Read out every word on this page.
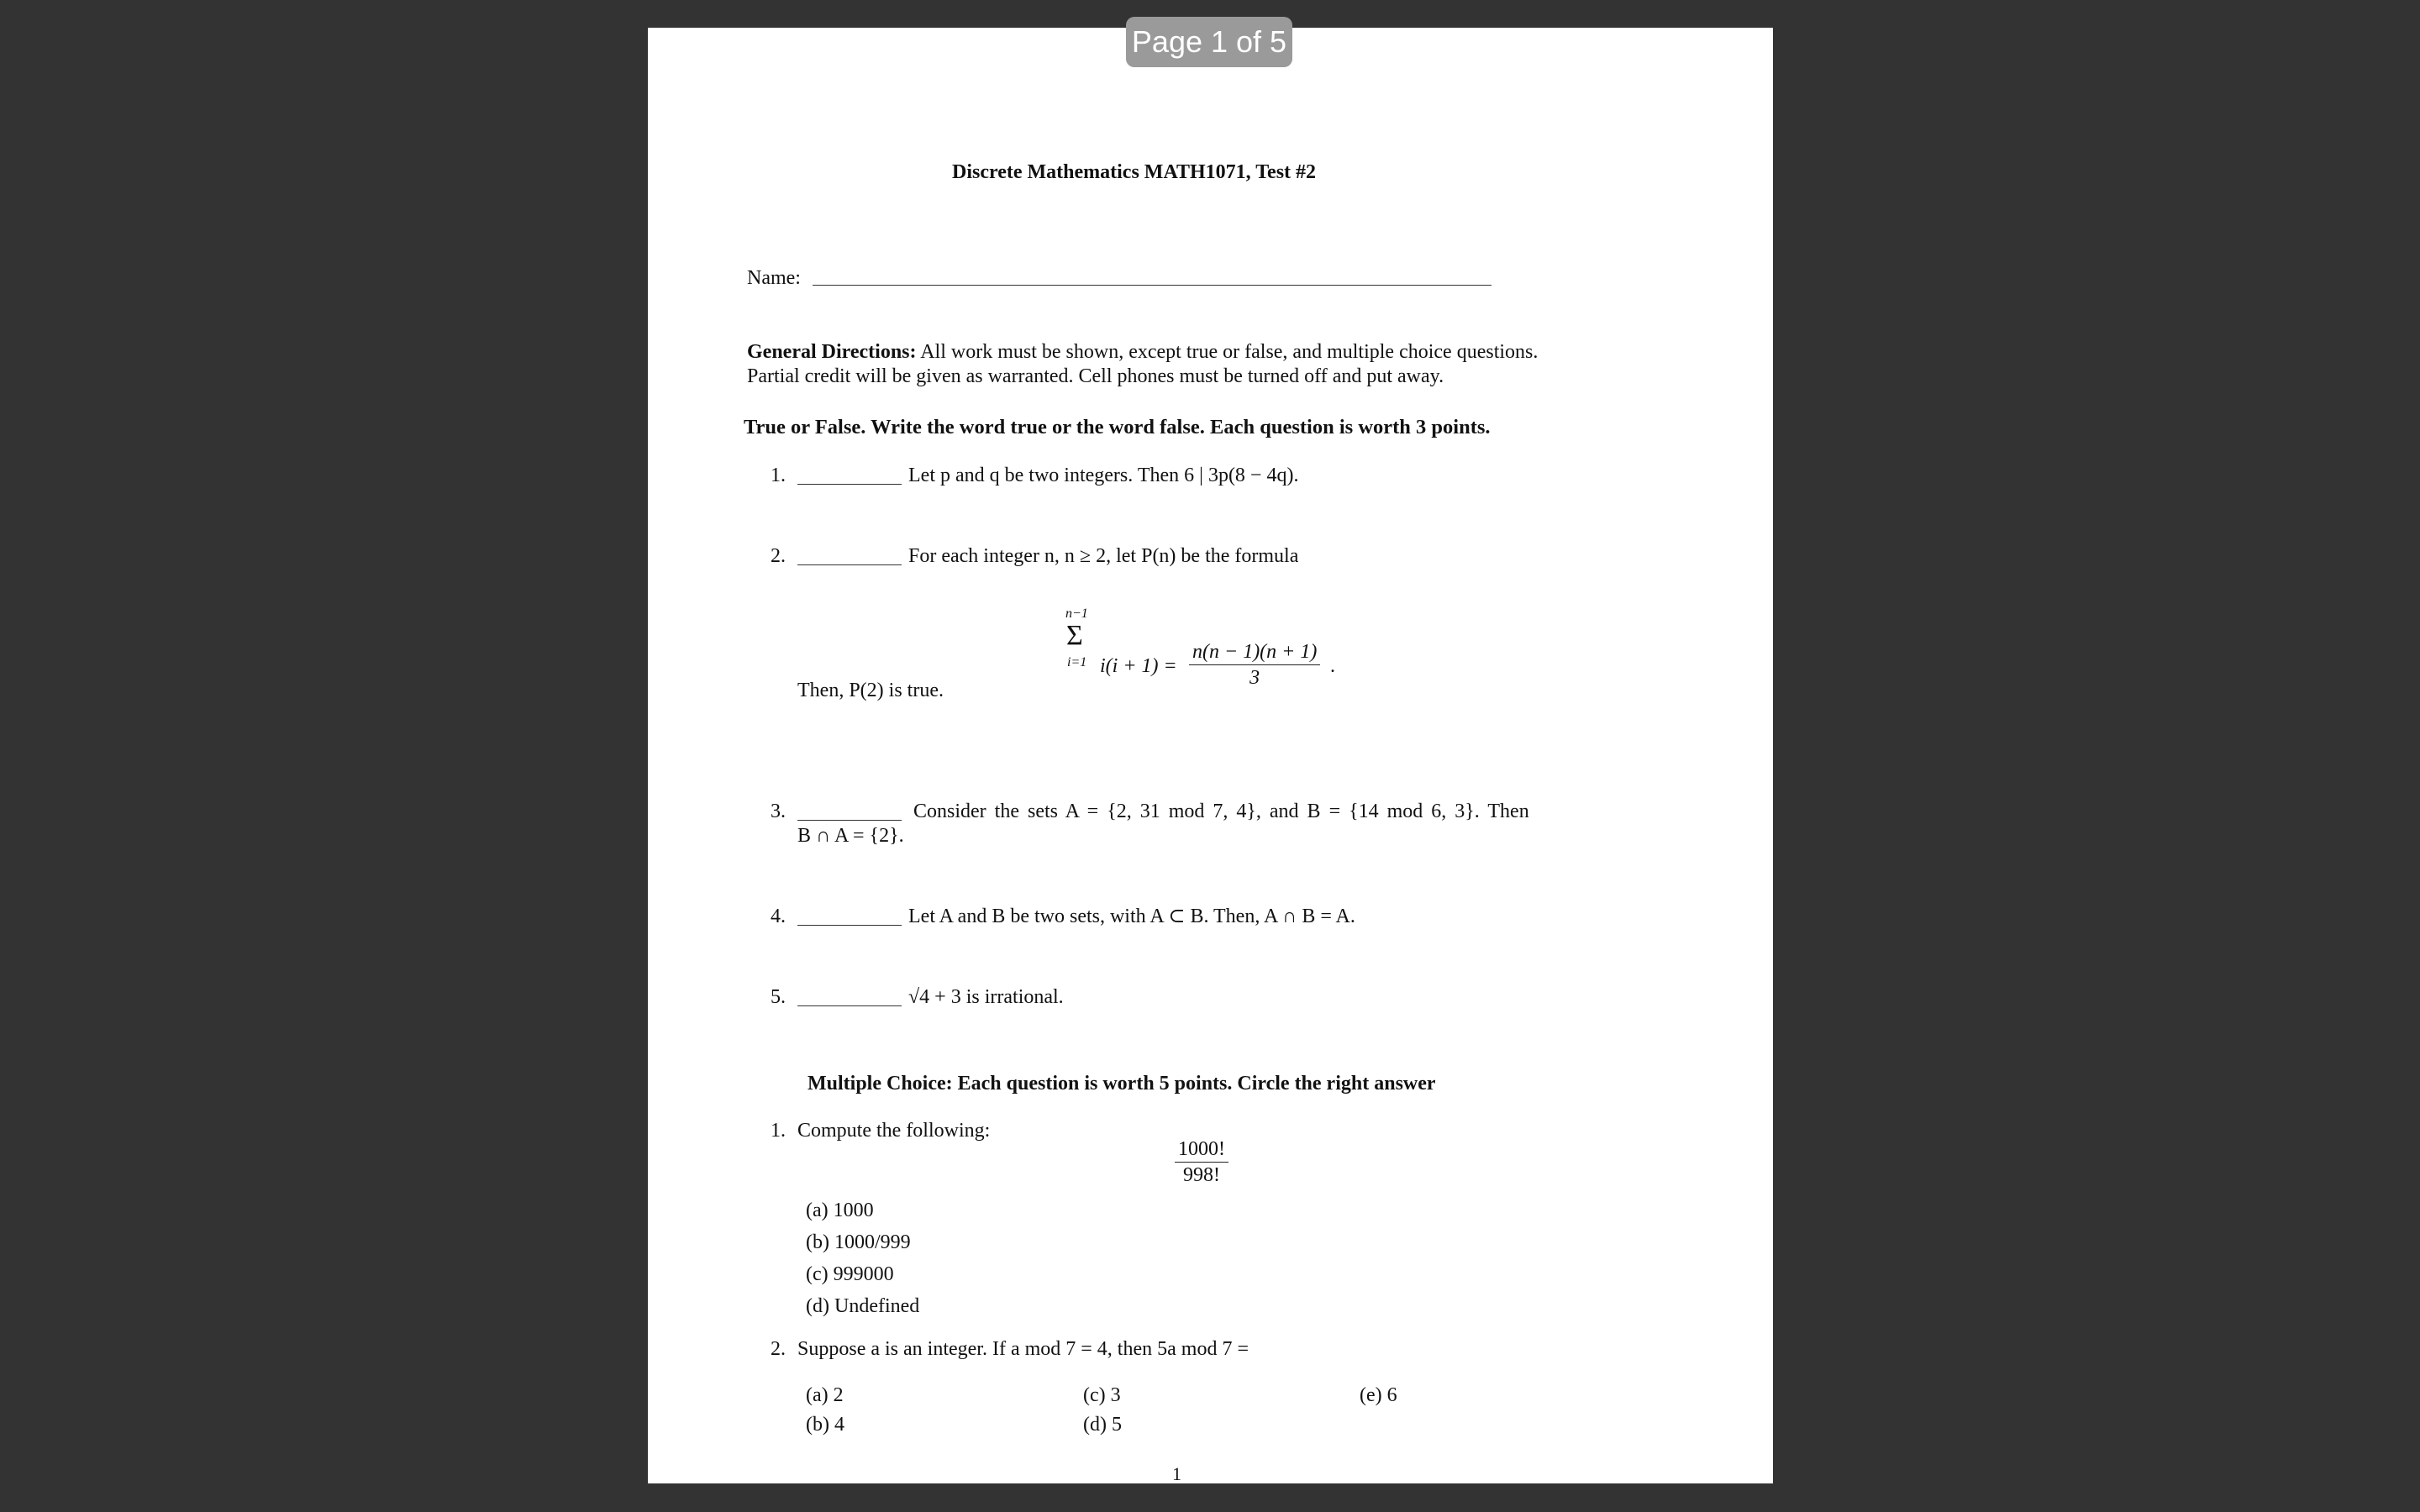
Discrete Mathematics MATH1071, Test #2
Name:
General Directions: All work must be shown, except true or false, and multiple choice questions.
Partial credit will be given as warranted. Cell phones must be turned off and put away.
True or False. Write the word true or the word false. Each question is worth 3 points.
1.	Let p and q be two integers. Then 6 | 3p(8 − 4q).
2.	For each integer n, n ≥ 2, let P(n) be the formula
n−1
Σ
i=1 $i(i + 1) = \frac{n(n - 1)(n + 1)}{3}$ .
Then, P(2) is true.
3.	Consider the sets A = {2, 31 mod 7, 4}, and B = {14 mod 6, 3}. Then
B ∩ A = {2}.
4.	Let A and B be two sets, with A ⊂ B. Then, A ∩ B = A.
5.	√4 + 3 is irrational.
Multiple Choice: Each question is worth 5 points. Circle the right answer
1. Compute the following:
$\frac{1000!}{998!}$
(a) 1000
(b) 1000/999
(c) 999000
(d) Undefined
2. Suppose a is an integer. If a mod 7 = 4, then 5a mod 7 =
(a) 2
(b) 4
(c) 3
(d) 5
(e) 6
1
Page 1 of 5
